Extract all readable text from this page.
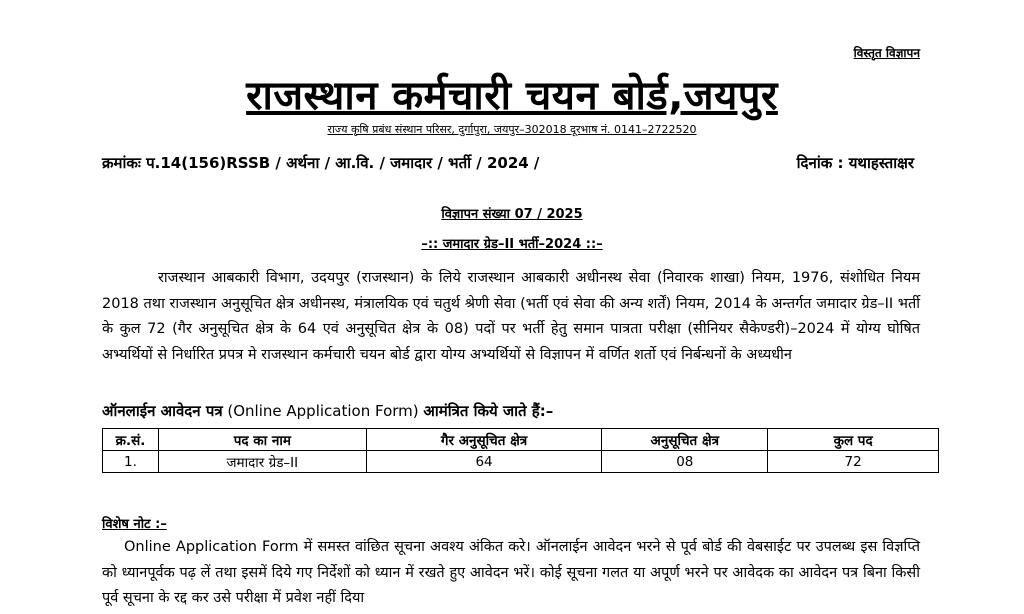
विस्तृत विज्ञापन
राजस्थान कर्मचारी चयन बोर्ड,जयपुर
राज्य कृषि प्रबंध संस्थान परिसर, दुर्गापुरा, जयपुर–302018 दूरभाष नं. 0141–2722520
क्रमांकः प.14(156)RSSB / अर्थना / आ.वि. / जमादार / भर्ती / 2024 /	दिनांक : यथाहस्ताक्षर
विज्ञापन संख्या 07 / 2025
–:: जमादार ग्रेड–II भर्ती–2024 ::–
राजस्थान आबकारी विभाग, उदयपुर (राजस्थान) के लिये राजस्थान आबकारी अधीनस्थ सेवा (निवारक शाखा) नियम, 1976, संशोधित नियम 2018 तथा राजस्थान अनुसूचित क्षेत्र अधीनस्थ, मंत्रालयिक एवं चतुर्थ श्रेणी सेवा (भर्ती एवं सेवा की अन्य शर्तें) नियम, 2014 के अन्तर्गत जमादार ग्रेड–II भर्ती के कुल 72 (गैर अनुसूचित क्षेत्र के 64 एवं अनुसूचित क्षेत्र के 08) पदों पर भर्ती हेतु समान पात्रता परीक्षा (सीनियर सैकेण्डरी)–2024 में योग्य घोषित अभ्यर्थियों से निर्धारित प्रपत्र मे राजस्थान कर्मचारी चयन बोर्ड द्वारा योग्य अभ्यर्थियों से विज्ञापन में वर्णित शर्तो एवं निर्बन्धनों के अध्यधीन
ऑनलाईन आवेदन पत्र (Online Application Form) आमंत्रित किये जाते हैं:–
क्र.सं.	पद का नाम	गैर अनुसूचित क्षेत्र	अनुसूचित क्षेत्र	कुल पद
1.	जमादार ग्रेड–II	64	08	72
विशेष नोट :–
Online Application Form में समस्त वांछित सूचना अवश्य अंकित करे। ऑनलाईन आवेदन भरने से पूर्व बोर्ड की वेबसाईट पर उपलब्ध इस विज्ञप्ति को ध्यानपूर्वक पढ़ लें तथा इसमें दिये गए निर्देशों को ध्यान में रखते हुए आवेदन भरें। कोई सूचना गलत या अपूर्ण भरने पर आवेदक का आवेदन पत्र बिना किसी पूर्व सूचना के रद्द कर उसे परीक्षा में प्रवेश नहीं दिया
